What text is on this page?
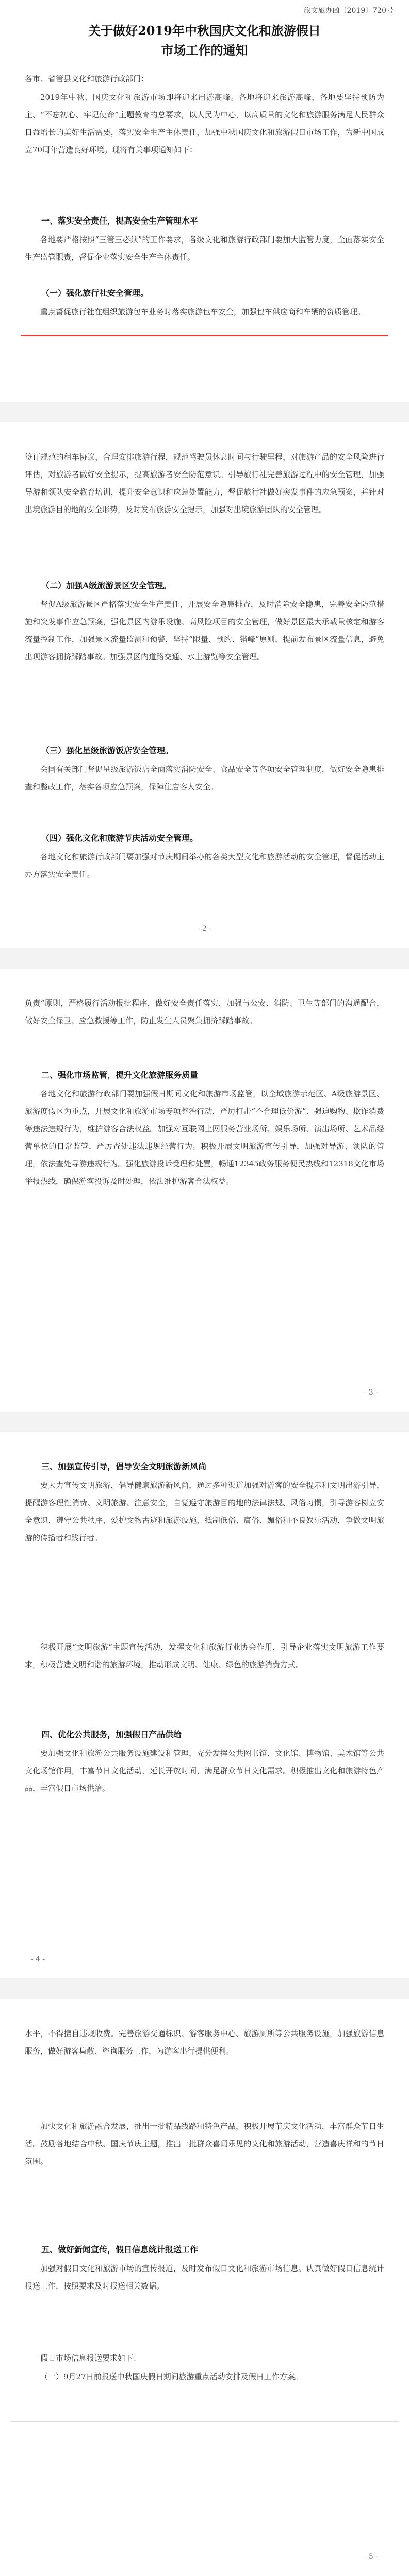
旅文旅办函〔2019〕720号
关于做好2019年中秋国庆文化和旅游假日
市场工作的通知
各市、省管县文化和旅游行政部门：
2019年中秋、国庆文化和旅游市场即将迎来出游高峰。各地将迎来旅游高峰，各地要坚持预防为主、“不忘初心、牢记使命”主题教育的总要求，以人民为中心，以高质量的文化和旅游服务满足人民群众日益增长的美好生活需要，落实安全生产主体责任，加强中秋国庆文化和旅游假日市场工作，为新中国成立70周年营造良好环境。现将有关事项通知如下：
一、落实安全责任，提高安全生产管理水平
各地要严格按照“三管三必须”的工作要求，各级文化和旅游行政部门要加大监管力度，全面落实安全生产监管职责，督促企业落实安全生产主体责任。
（一）强化旅行社安全管理。
重点督促旅行社在组织旅游包车业务时落实旅游包车安全，加强包车供应商和车辆的资质管理。
签订规范的租车协议，合理安排旅游行程，规范驾驶员休息时间与行驶里程，对旅游产品的安全风险进行评估，对旅游者做好安全提示，提高旅游者安全防范意识。引导旅行社完善旅游过程中的安全管理，加强导游和领队安全教育培训，提升安全意识和应急处置能力，督促旅行社做好突发事件的应急预案，并针对出境旅游目的地的安全形势，及时发布旅游安全提示，加强对出境旅游团队的安全管理。
（二）加强A级旅游景区安全管理。
督促A级旅游景区严格落实安全生产责任，开展安全隐患排查，及时消除安全隐患，完善安全防范措施和突发事件应急预案，强化景区内游乐设施、高风险项目的安全管理，做好景区最大承载量核定和游客流量控制工作，加强景区流量监测和预警，坚持“限量、预约、错峰”原则，提前发布景区流量信息，避免出现游客拥挤踩踏事故。加强景区内道路交通、水上游览等安全管理。
（三）强化星级旅游饭店安全管理。
会同有关部门督促星级旅游饭店全面落实消防安全、食品安全等各项安全管理制度，做好安全隐患排查和整改工作，落实各项应急预案，保障住店客人安全。
（四）强化文化和旅游节庆活动安全管理。
各地文化和旅游行政部门要加强对节庆期间举办的各类大型文化和旅游活动的安全管理，督促活动主办方落实安全责任。
- 2 -
负责“原则，严格履行活动报批程序，做好安全责任落实，加强与公安、消防、卫生等部门的沟通配合，做好安全保卫、应急救援等工作，防止发生人员聚集拥挤踩踏事故。
二、强化市场监管，提升文化旅游服务质量
各地文化和旅游行政部门要加强假日期间文化和旅游市场监管，以全域旅游示范区、A级旅游景区、旅游度假区为重点，开展文化和旅游市场专项整治行动，严厉打击“不合理低价游”、强迫购物、欺诈消费等违法违规行为，维护游客合法权益。加强对互联网上网服务营业场所、娱乐场所、演出场所、艺术品经营单位的日常监管，严厉查处违法违规经营行为。积极开展文明旅游宣传引导，加强对导游、领队的管理，依法查处导游违规行为。强化旅游投诉受理和处置，畅通12345政务服务便民热线和12318文化市场举报热线，确保游客投诉及时处理，依法维护游客合法权益。
- 3 -
三、加强宣传引导，倡导安全文明旅游新风尚
要大力宣传文明旅游，倡导健康旅游新风尚，通过多种渠道加强对游客的安全提示和文明出游引导，提醒游客理性消费、文明旅游、注意安全，自觉遵守旅游目的地的法律法规、风俗习惯，引导游客树立安全意识，遵守公共秩序，爱护文物古迹和旅游设施，抵制低俗、庸俗、媚俗和不良娱乐活动，争做文明旅游的传播者和践行者。
积极开展“文明旅游”主题宣传活动，发挥文化和旅游行业协会作用，引导企业落实文明旅游工作要求，积极营造文明和谐的旅游环境，推动形成文明、健康、绿色的旅游消费方式。
四、优化公共服务，加强假日产品供给
要加强文化和旅游公共服务设施建设和管理，充分发挥公共图书馆、文化馆、博物馆、美术馆等公共文化场馆作用，丰富节日文化活动，延长开放时间，满足群众节日文化需求。积极推出文化和旅游特色产品，丰富假日市场供给。
- 4 -
水平，不得擅自违规收费。完善旅游交通标识、游客服务中心、旅游厕所等公共服务设施，加强旅游信息服务，做好游客集散、咨询服务工作，为游客出行提供便利。
加快文化和旅游融合发展，推出一批精品线路和特色产品，积极开展节庆文化活动，丰富群众节日生活。鼓励各地结合中秋、国庆节庆主题，推出一批群众喜闻乐见的文化和旅游活动，营造喜庆祥和的节日氛围。
五、做好新闻宣传，假日信息统计报送工作
加强对假日文化和旅游市场的宣传报道，及时发布假日文化和旅游市场信息。认真做好假日信息统计报送工作，按照要求及时报送相关数据。
假日市场信息报送要求如下：
（一）9月27日前报送中秋国庆假日期间旅游重点活动安排及假日工作方案。
- 5 -
